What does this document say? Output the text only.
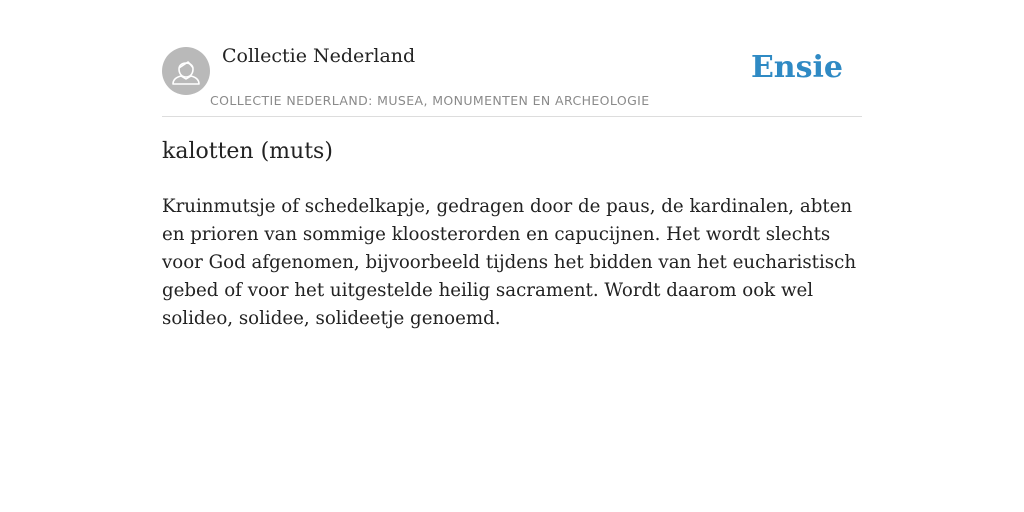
Collectie Nederland
COLLECTIE NEDERLAND: MUSEA, MONUMENTEN EN ARCHEOLOGIE
Ensie
kalotten (muts)
Kruinmutsje of schedelkapje, gedragen door de paus, de kardinalen, abten en prioren van sommige kloosterorden en capucijnen. Het wordt slechts voor God afgenomen, bijvoorbeeld tijdens het bidden van het eucharistisch gebed of voor het uitgestelde heilig sacrament. Wordt daarom ook wel solideo, solidee, solideetje genoemd.
